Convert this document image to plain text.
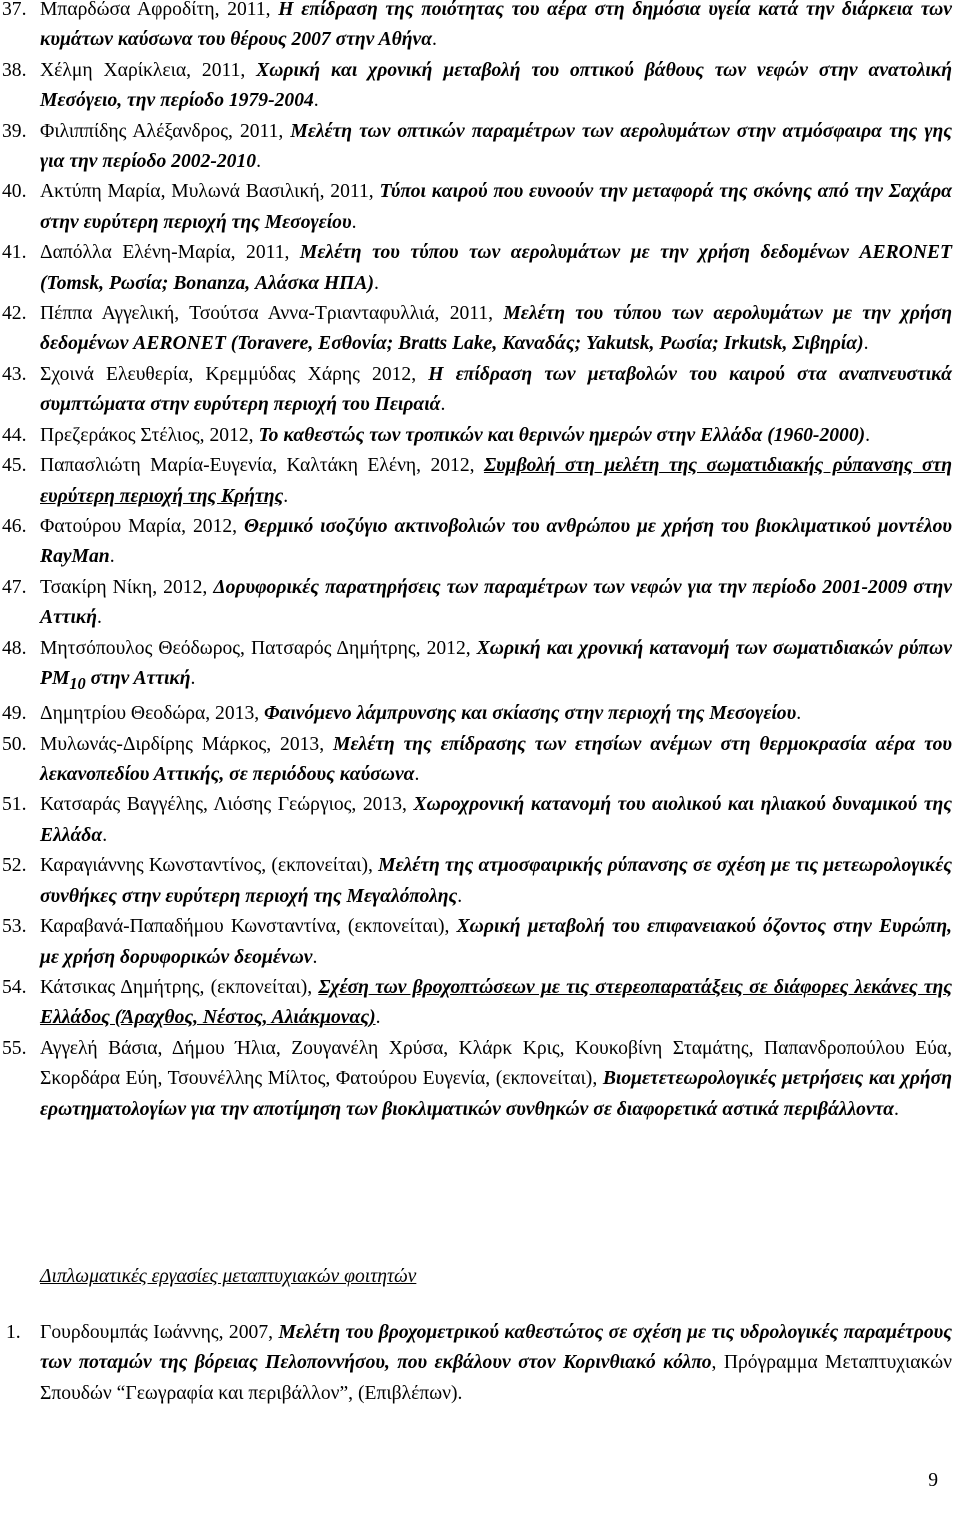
37. Μπαρδώσα Αφροδίτη, 2011, Η επίδραση της ποιότητας του αέρα στη δημόσια υγεία κατά την διάρκεια των κυμάτων καύσωνα του θέρους 2007 στην Αθήνα.
38. Χέλμη Χαρίκλεια, 2011, Χωρική και χρονική μεταβολή του οπτικού βάθους των νεφών στην ανατολική Μεσόγειο, την περίοδο 1979-2004.
39. Φιλιππίδης Αλέξανδρος, 2011, Μελέτη των οπτικών παραμέτρων των αερολυμάτων στην ατμόσφαιρα της γης για την περίοδο 2002-2010.
40. Ακτύπη Μαρία, Μυλωνά Βασιλική, 2011, Τύποι καιρού που ευνοούν την μεταφορά της σκόνης από την Σαχάρα στην ευρύτερη περιοχή της Μεσογείου.
41. Δαπόλλα Ελένη-Μαρία, 2011, Μελέτη του τύπου των αερολυμάτων με την χρήση δεδομένων AERONET (Tomsk, Ρωσία; Bonanza, Αλάσκα ΗΠΑ).
42. Πέππα Αγγελική, Τσούτσα Αννα-Τριανταφυλλιά, 2011, Μελέτη του τύπου των αερολυμάτων με την χρήση δεδομένων AERONET (Toravere, Εσθονία; Bratts Lake, Καναδάς; Yakutsk, Ρωσία; Irkutsk, Σιβηρία).
43. Σχοινά Ελευθερία, Κρεμμύδας Χάρης 2012, Η επίδραση των μεταβολών του καιρού στα αναπνευστικά συμπτώματα στην ευρύτερη περιοχή του Πειραιά.
44. Πρεζεράκος Στέλιος, 2012, Το καθεστώς των τροπικών και θερινών ημερών στην Ελλάδα (1960-2000).
45. Παπασλιώτη Μαρία-Ευγενία, Καλτάκη Ελένη, 2012, Συμβολή στη μελέτη της σωματιδιακής ρύπανσης στη ευρύτερη περιοχή της Κρήτης.
46. Φατούρου Μαρία, 2012, Θερμικό ισοζύγιο ακτινοβολιών του ανθρώπου με χρήση του βιοκλιματικού μοντέλου RayMan.
47. Τσακίρη Νίκη, 2012, Δορυφορικές παρατηρήσεις των παραμέτρων των νεφών για την περίοδο 2001-2009 στην Αττική.
48. Μητσόπουλος Θεόδωρος, Πατσαρός Δημήτρης, 2012, Χωρική και χρονική κατανομή των σωματιδιακών ρύπων $PM_{10}$ στην Αττική.
49. Δημητρίου Θεοδώρα, 2013, Φαινόμενο λάμπρυνσης και σκίασης στην περιοχή της Μεσογείου.
50. Μυλωνάς-Διρδίρης Μάρκος, 2013, Μελέτη της επίδρασης των ετησίων ανέμων στη θερμοκρασία αέρα του λεκανοπεδίου Αττικής, σε περιόδους καύσωνα.
51. Κατσαράς Βαγγέλης, Λιόσης Γεώργιος, 2013, Χωροχρονική κατανομή του αιολικού και ηλιακού δυναμικού της Ελλάδα.
52. Καραγιάννης Κωνσταντίνος, (εκπονείται), Μελέτη της ατμοσφαιρικής ρύπανσης σε σχέση με τις μετεωρολογικές συνθήκες στην ευρύτερη περιοχή της Μεγαλόπολης.
53. Καραβανά-Παπαδήμου Κωνσταντίνα, (εκπονείται), Χωρική μεταβολή του επιφανειακού όζοντος στην Ευρώπη, με χρήση δορυφορικών δεομένων.
54. Κάτσικας Δημήτρης, (εκπονείται), Σχέση των βροχοπτώσεων με τις στερεοπαρατάξεις σε διάφορες λεκάνες της Ελλάδος (Άραχθος, Νέστος, Αλιάκμονας).
55. Αγγελή Βάσια, Δήμου Ήλια, Ζουγανέλη Χρύσα, Κλάρκ Κρις, Κουκοβίνη Σταμάτης, Παπανδροπούλου Εύα, Σκορδάρα Εύη, Τσουνέλλης Μίλτος, Φατούρου Ευγενία, (εκπονείται), Βιομετετεωρολογικές μετρήσεις και χρήση ερωτηματολογίων για την αποτίμηση των βιοκλιματικών συνθηκών σε διαφορετικά αστικά περιβάλλοντα.
Διπλωματικές εργασίες μεταπτυχιακών φοιτητών
1. Γουρδουμπάς Ιωάννης, 2007, Μελέτη του βροχομετρικού καθεστώτος σε σχέση με τις υδρολογικές παραμέτρους των ποταμών της βόρειας Πελοποννήσου, που εκβάλουν στον Κορινθιακό κόλπο, Πρόγραμμα Μεταπτυχιακών Σπουδών “Γεωγραφία και περιβάλλον”, (Επιβλέπων).
9
